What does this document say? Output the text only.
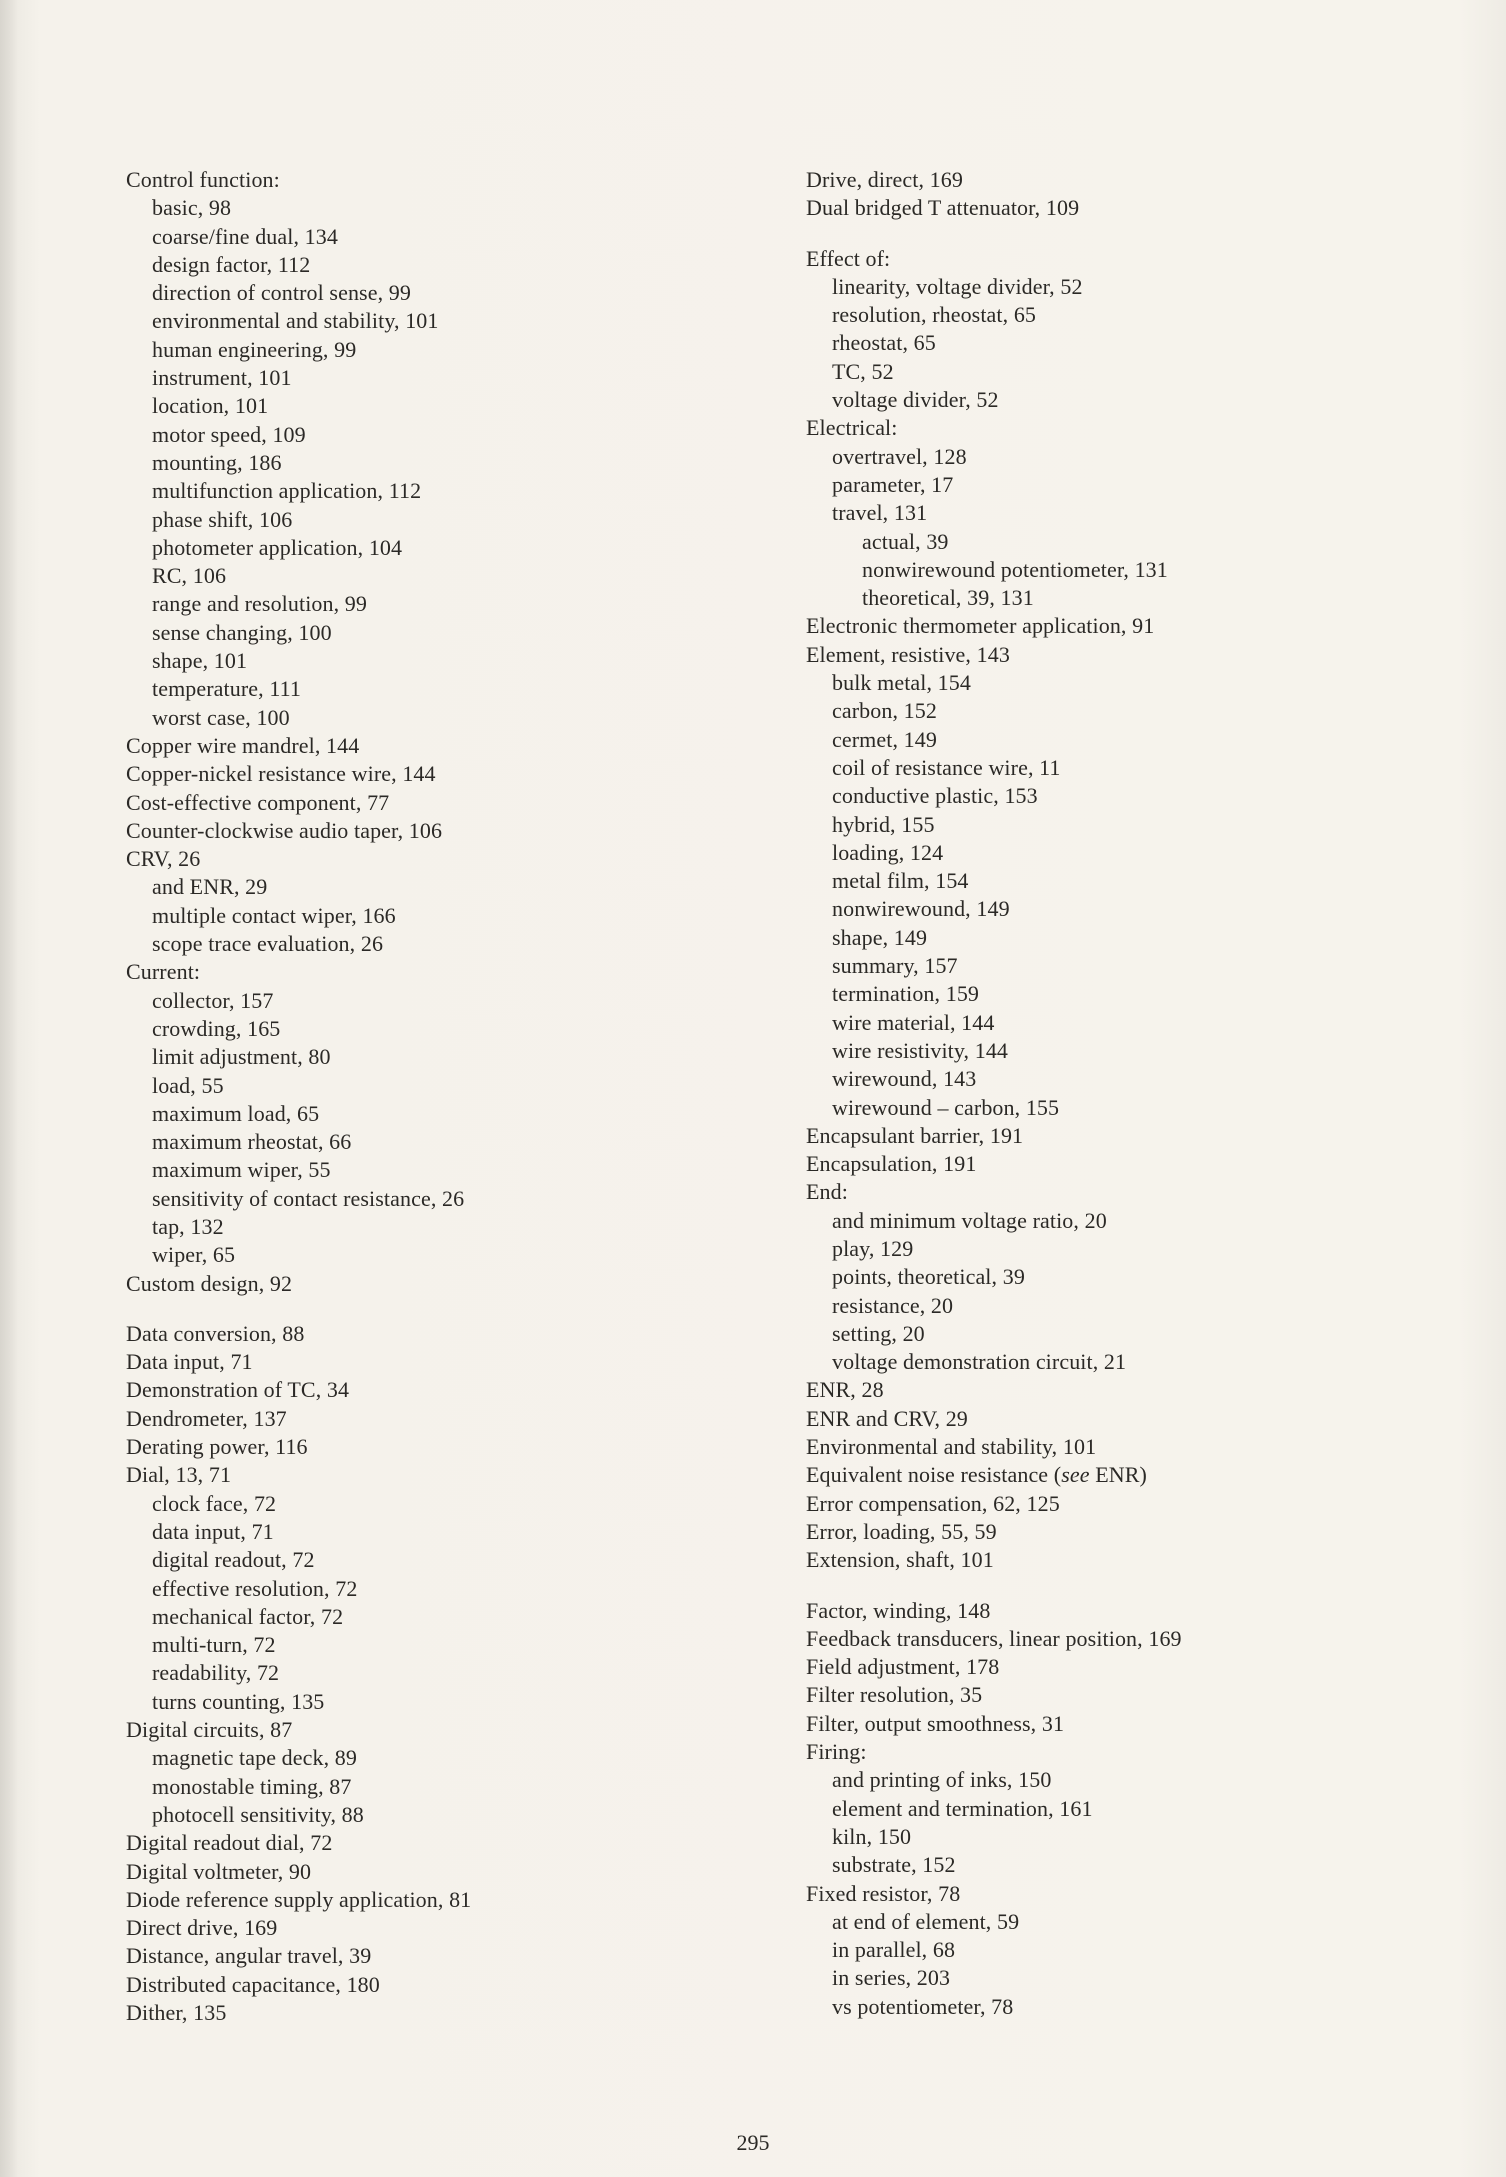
Control function:
basic, 98
coarse/fine dual, 134
design factor, 112
direction of control sense, 99
environmental and stability, 101
human engineering, 99
instrument, 101
location, 101
motor speed, 109
mounting, 186
multifunction application, 112
phase shift, 106
photometer application, 104
RC, 106
range and resolution, 99
sense changing, 100
shape, 101
temperature, 111
worst case, 100
Copper wire mandrel, 144
Copper-nickel resistance wire, 144
Cost-effective component, 77
Counter-clockwise audio taper, 106
CRV, 26
and ENR, 29
multiple contact wiper, 166
scope trace evaluation, 26
Current:
collector, 157
crowding, 165
limit adjustment, 80
load, 55
maximum load, 65
maximum rheostat, 66
maximum wiper, 55
sensitivity of contact resistance, 26
tap, 132
wiper, 65
Custom design, 92
Data conversion, 88
Data input, 71
Demonstration of TC, 34
Dendrometer, 137
Derating power, 116
Dial, 13, 71
clock face, 72
data input, 71
digital readout, 72
effective resolution, 72
mechanical factor, 72
multi-turn, 72
readability, 72
turns counting, 135
Digital circuits, 87
magnetic tape deck, 89
monostable timing, 87
photocell sensitivity, 88
Digital readout dial, 72
Digital voltmeter, 90
Diode reference supply application, 81
Direct drive, 169
Distance, angular travel, 39
Distributed capacitance, 180
Dither, 135
Drive, direct, 169
Dual bridged T attenuator, 109
Effect of:
linearity, voltage divider, 52
resolution, rheostat, 65
rheostat, 65
TC, 52
voltage divider, 52
Electrical:
overtravel, 128
parameter, 17
travel, 131
actual, 39
nonwirewound potentiometer, 131
theoretical, 39, 131
Electronic thermometer application, 91
Element, resistive, 143
bulk metal, 154
carbon, 152
cermet, 149
coil of resistance wire, 11
conductive plastic, 153
hybrid, 155
loading, 124
metal film, 154
nonwirewound, 149
shape, 149
summary, 157
termination, 159
wire material, 144
wire resistivity, 144
wirewound, 143
wirewound – carbon, 155
Encapsulant barrier, 191
Encapsulation, 191
End:
and minimum voltage ratio, 20
play, 129
points, theoretical, 39
resistance, 20
setting, 20
voltage demonstration circuit, 21
ENR, 28
ENR and CRV, 29
Environmental and stability, 101
Equivalent noise resistance (see ENR)
Error compensation, 62, 125
Error, loading, 55, 59
Extension, shaft, 101
Factor, winding, 148
Feedback transducers, linear position, 169
Field adjustment, 178
Filter resolution, 35
Filter, output smoothness, 31
Firing:
and printing of inks, 150
element and termination, 161
kiln, 150
substrate, 152
Fixed resistor, 78
at end of element, 59
in parallel, 68
in series, 203
vs potentiometer, 78
295
